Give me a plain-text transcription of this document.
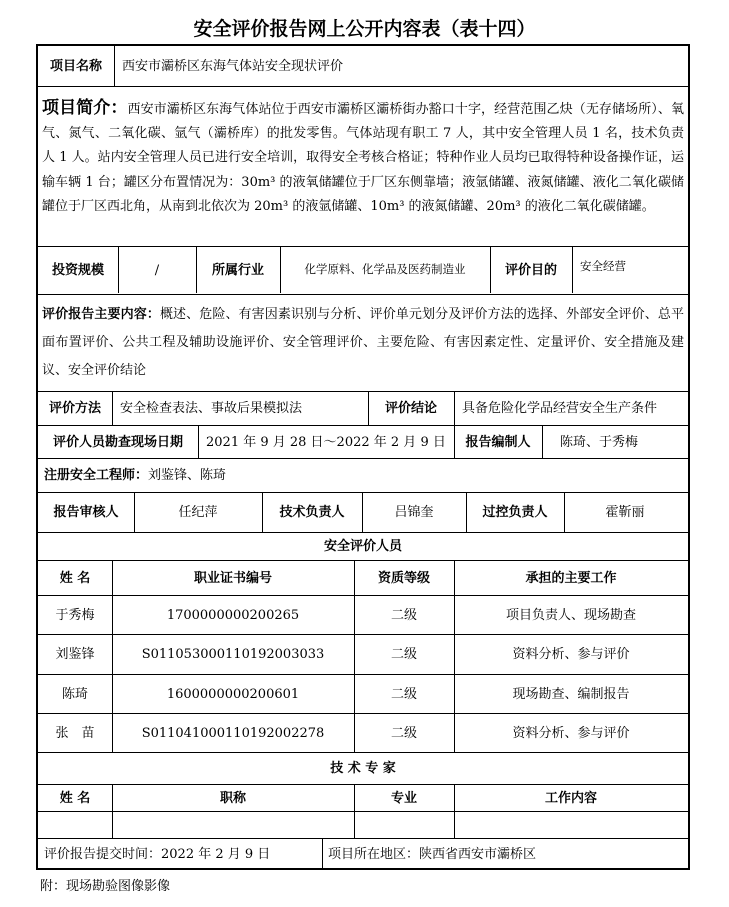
安全评价报告网上公开内容表（表十四）
项目名称	西安市灞桥区东海气体站安全现状评价
项目简介：西安市灞桥区东海气体站位于西安市灞桥区灞桥街办豁口十字，经营范围乙炔（无存储场所）、氧气、氮气、二氧化碳、氩气（灞桥库）的批发零售。气体站现有职工 7 人，其中安全管理人员 1 名，技术负责人 1 人。站内安全管理人员已进行安全培训，取得安全考核合格证；特种作业人员均已取得特种设备操作证，运输车辆 1 台；罐区分布置情况为：30m³ 的液氧储罐位于厂区东侧靠墙；液氩储罐、液氮储罐、液化二氧化碳储罐位于厂区西北角，从南到北依次为 20m³ 的液氩储罐、10m³ 的液氮储罐、20m³ 的液化二氧化碳储罐。
投资规模	/	所属行业	化学原料、化学品及医药制造业	评价目的	安全经营
评价报告主要内容：概述、危险、有害因素识别与分析、评价单元划分及评价方法的选择、外部安全评价、总平面布置评价、公共工程及辅助设施评价、安全管理评价、主要危险、有害因素定性、定量评价、安全措施及建议、安全评价结论
评价方法	安全检查表法、事故后果模拟法	评价结论	具备危险化学品经营安全生产条件
评价人员勘查现场日期	2021 年 9 月 28 日～2022 年 2 月 9 日	报告编制人	陈琦、于秀梅
注册安全工程师： 刘鉴锋、陈琦
报告审核人	任纪萍	技术负责人	吕锦奎	过控负责人	霍靳丽
安全评价人员
姓 名	职业证书编号	资质等级	承担的主要工作
于秀梅	1700000000200265	二级	项目负责人、现场勘查
刘鉴锋	S011053000110192003033	二级	资料分析、参与评价
陈琦	1600000000200601	二级	现场勘查、编制报告
张　苗	S011041000110192002278	二级	资料分析、参与评价
技 术 专 家
姓 名	职称	专业	工作内容
评价报告提交时间： 2022 年 2 月 9 日	项目所在地区： 陕西省西安市灞桥区
附：现场勘验图像影像
